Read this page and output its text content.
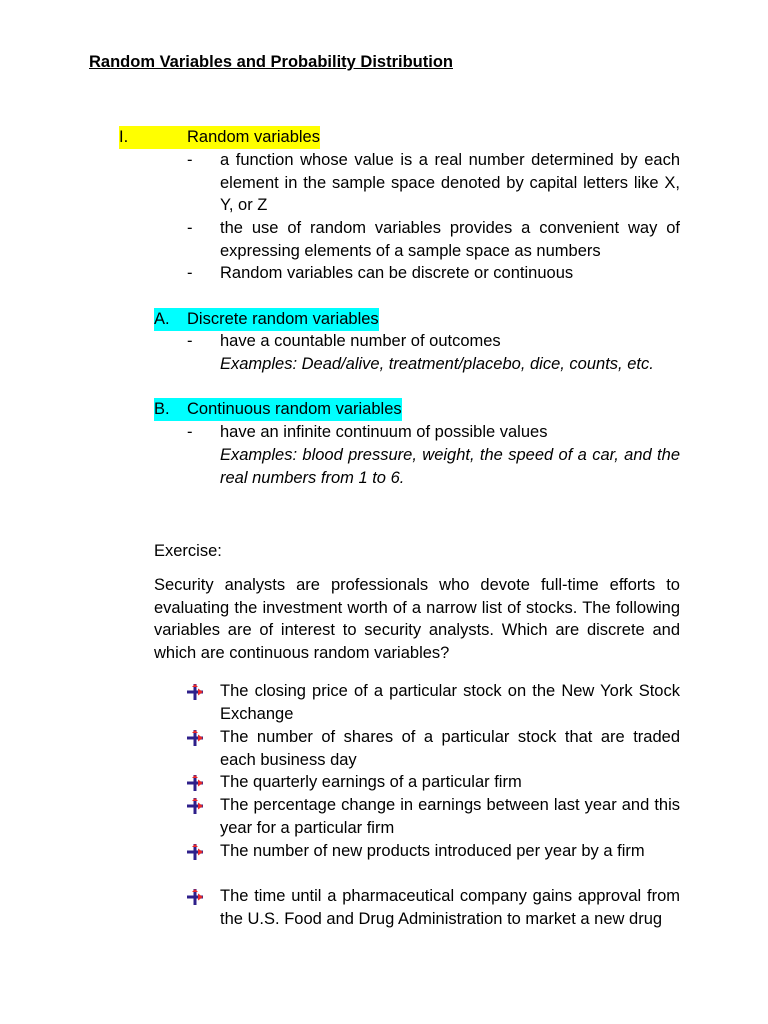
Random Variables and Probability Distribution
I.	Random variables
- a function whose value is a real number determined by each element in the sample space denoted by capital letters like X, Y, or Z
- the use of random variables provides a convenient way of expressing elements of a sample space as numbers
- Random variables can be discrete or continuous
A. Discrete random variables
- have a countable number of outcomes
Examples: Dead/alive, treatment/placebo, dice, counts, etc.
B. Continuous random variables
- have an infinite continuum of possible values
Examples: blood pressure, weight, the speed of a car, and the real numbers from 1 to 6.
Exercise:
Security analysts are professionals who devote full-time efforts to evaluating the investment worth of a narrow list of stocks. The following variables are of interest to security analysts. Which are discrete and which are continuous random variables?
The closing price of a particular stock on the New York Stock Exchange
The number of shares of a particular stock that are traded each business day
The quarterly earnings of a particular firm
The percentage change in earnings between last year and this year for a particular firm
The number of new products introduced per year by a firm
The time until a pharmaceutical company gains approval from the U.S. Food and Drug Administration to market a new drug
